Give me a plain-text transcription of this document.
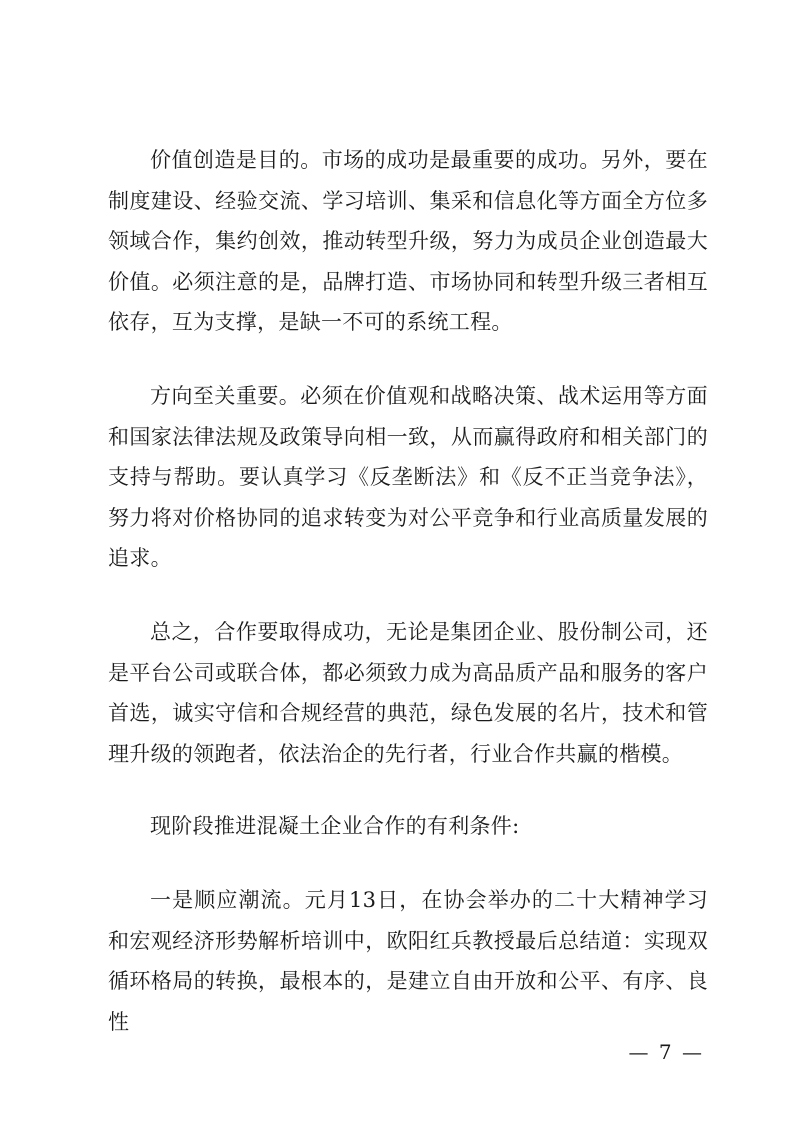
价值创造是目的。市场的成功是最重要的成功。另外，要在制度建设、经验交流、学习培训、集采和信息化等方面全方位多领域合作，集约创效，推动转型升级，努力为成员企业创造最大价值。必须注意的是，品牌打造、市场协同和转型升级三者相互依存，互为支撑，是缺一不可的系统工程。

方向至关重要。必须在价值观和战略决策、战术运用等方面和国家法律法规及政策导向相一致，从而赢得政府和相关部门的支持与帮助。要认真学习《反垄断法》和《反不正当竞争法》，努力将对价格协同的追求转变为对公平竞争和行业高质量发展的追求。

总之，合作要取得成功，无论是集团企业、股份制公司，还是平台公司或联合体，都必须致力成为高品质产品和服务的客户首选，诚实守信和合规经营的典范，绿色发展的名片，技术和管理升级的领跑者，依法治企的先行者，行业合作共赢的楷模。

现阶段推进混凝土企业合作的有利条件:

一是顺应潮流。元月13日，在协会举办的二十大精神学习和宏观经济形势解析培训中，欧阳红兵教授最后总结道：实现双循环格局的转换，最根本的，是建立自由开放和公平、有序、良性

— 7 —
